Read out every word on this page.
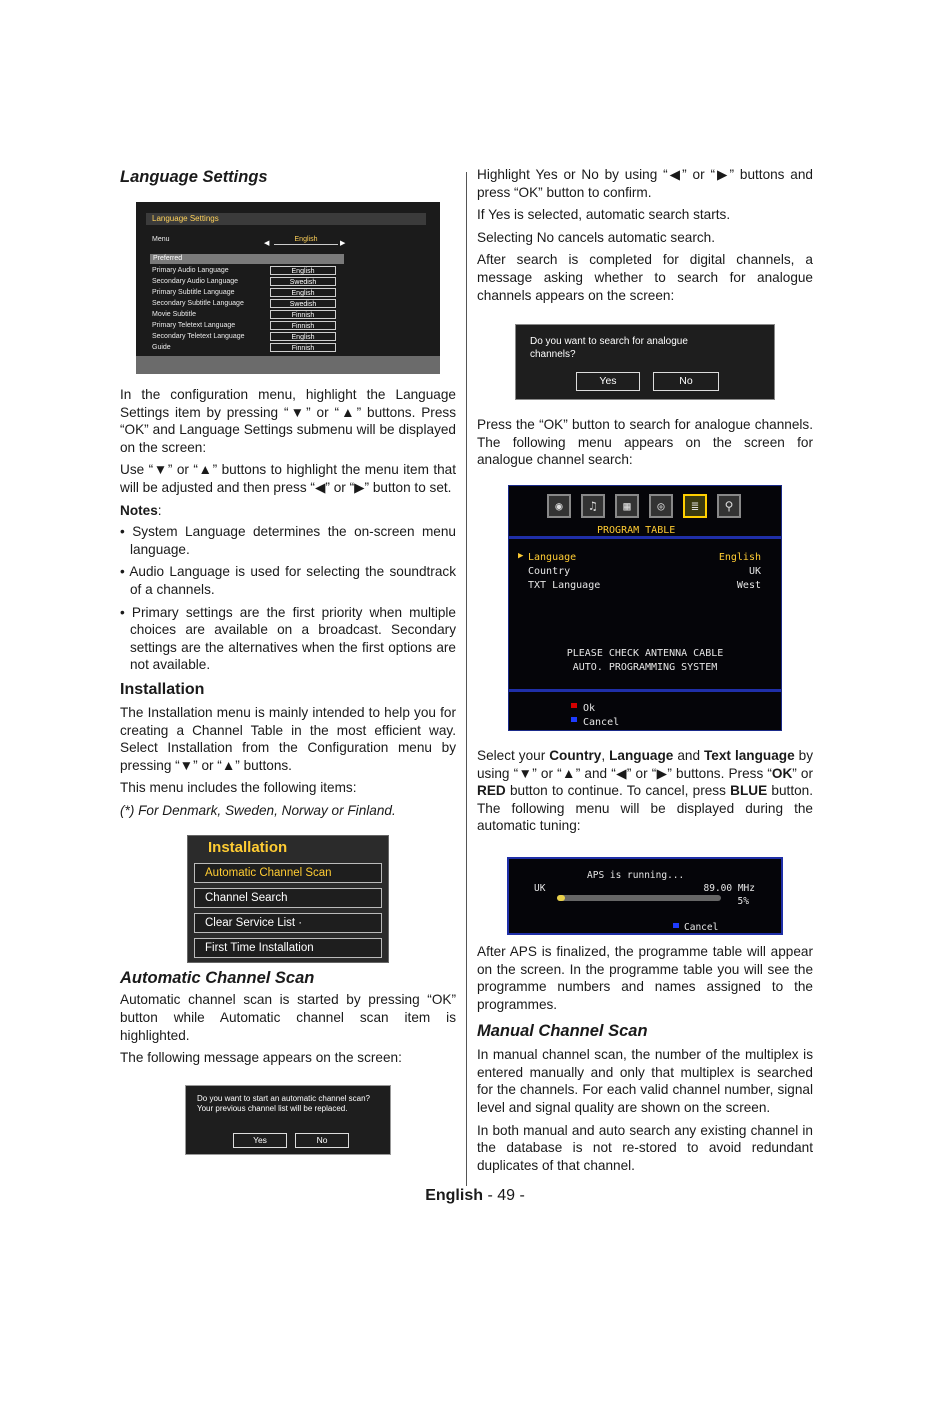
Language Settings
Language Settings
Menu
◀
English
▶
Preferred
Primary Audio Language	English
Secondary Audio Language	Swedish
Primary Subtitle Language	English
Secondary Subtitle Language	Swedish
Movie Subtitle	Finnish
Primary Teletext Language	Finnish
Secondary Teletext Language	English
Guide	Finnish

In the configuration menu, highlight the Language Settings item by pressing “▼” or “▲” buttons. Press “OK” and Language Settings submenu will be displayed on the screen:

Use “▼” or “▲” buttons to highlight the menu item that will be adjusted and then press “◀” or “▶” button to set.

Notes:

• System Language determines the on-screen menu language.

• Audio Language is used for selecting the soundtrack of a channels.

• Primary settings are the first priority when multiple choices are available on a broadcast. Secondary settings are the alternatives when the first options are not available.

Installation

The Installation menu is mainly intended to help you for creating a Channel Table in the most efficient way. Select Installation from the Configuration menu by pressing “▼” or “▲” buttons.

This menu includes the following items:

(*) For Denmark, Sweden, Norway or Finland.

Installation
Automatic Channel Scan
Channel Search
Clear Service List ·
First Time Installation
Automatic Channel Scan

Automatic channel scan is started by pressing “OK” button while Automatic channel scan item is highlighted.

The following message appears on the screen:

Do you want to start an automatic channel scan? Your previous channel list will be replaced.
Yes	No

Highlight Yes or No by using “◀” or “▶” buttons and press “OK” button to confirm.

If Yes is selected, automatic search starts.

Selecting No cancels automatic search.

After search is completed for digital channels, a message asking whether to search for analogue channels appears on the screen:

Do you want to search for analogue channels?
Yes	No

Press the “OK” button to search for analogue channels. The following menu appears on the screen for analogue channel search:

◉	♫	▦	◎	≣	⚲
PROGRAM TABLE
▶ Language	English
Country	UK
TXT Language	West
PLEASE CHECK ANTENNA CABLE
AUTO. PROGRAMMING SYSTEM
Ok
Cancel

Select your Country, Language and Text language by using “▼” or “▲” and “◀” or “▶” buttons. Press “OK” or RED button to continue. To cancel, press BLUE button. The following menu will be displayed during the automatic tuning:

APS is running...
UK	89.00 MHz
5%
Cancel

After APS is finalized, the programme table will appear on the screen. In the programme table you will see the programme numbers and names assigned to the programmes.

Manual Channel Scan

In manual channel scan, the number of the multiplex is entered manually and only that multiplex is searched for the channels. For each valid channel number, signal level and signal quality are shown on the screen.

In both manual and auto search any existing channel in the database is not re-stored to avoid redundant duplicates of that channel.

English - 49 -
